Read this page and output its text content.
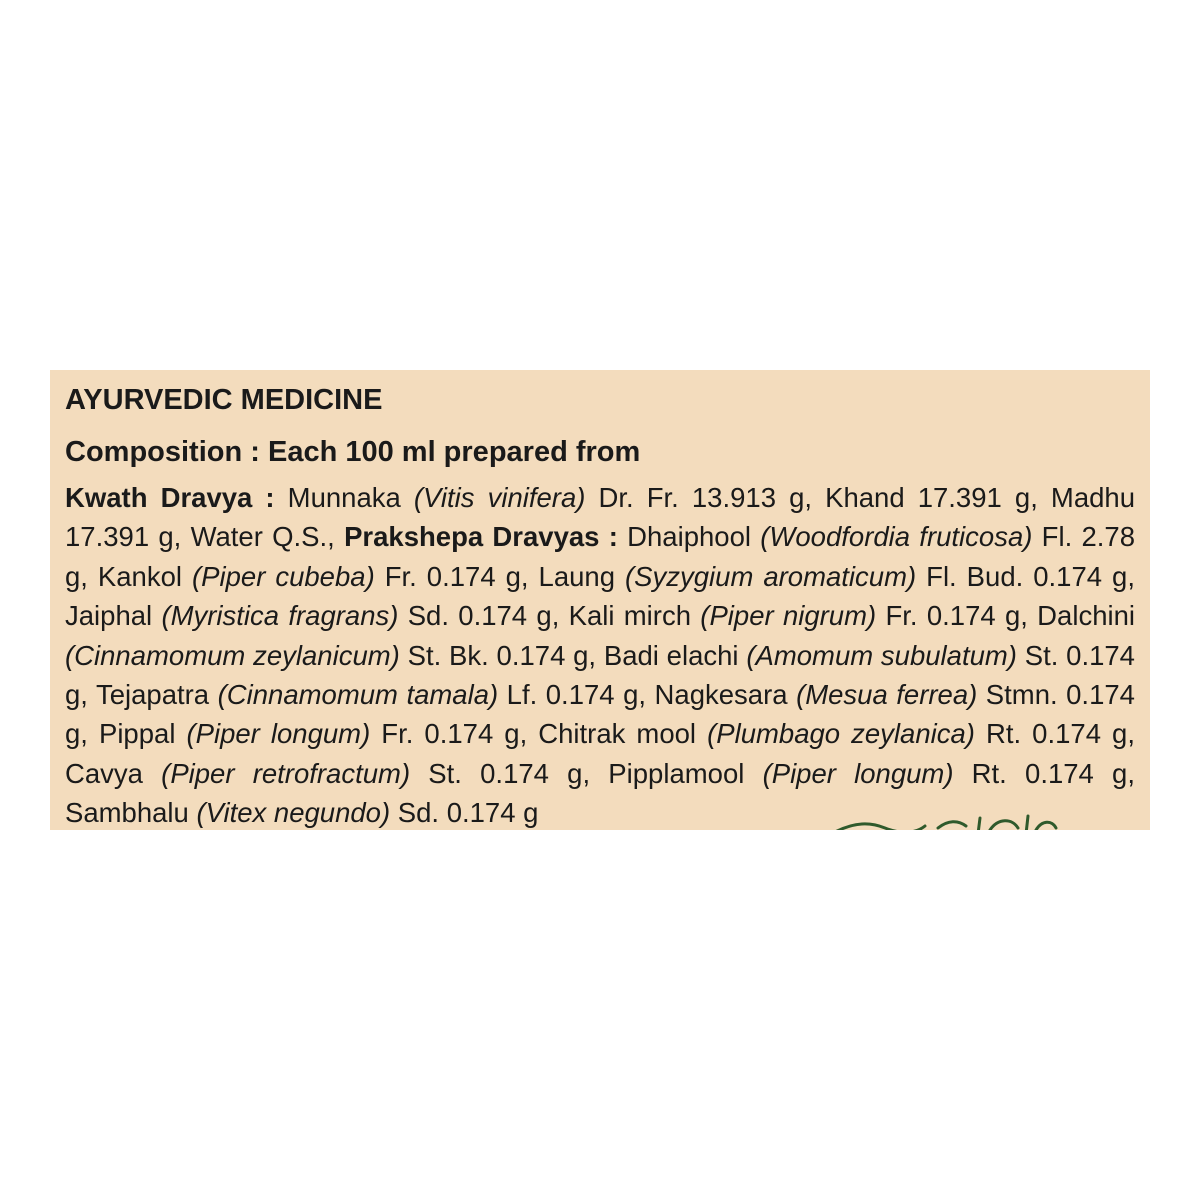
AYURVEDIC MEDICINE
Composition : Each 100 ml prepared from
Kwath Dravya : Munnaka (Vitis vinifera) Dr. Fr. 13.913 g, Khand 17.391 g, Madhu 17.391 g, Water Q.S., Prakshepa Dravyas : Dhaiphool (Woodfordia fruticosa) Fl. 2.78 g, Kankol (Piper cubeba) Fr. 0.174 g, Laung (Syzygium aromaticum) Fl. Bud. 0.174 g, Jaiphal (Myristica fragrans) Sd. 0.174 g, Kali mirch (Piper nigrum) Fr. 0.174 g, Dalchini (Cinnamomum zeylanicum) St. Bk. 0.174 g, Badi elachi (Amomum subulatum) St. 0.174 g, Tejapatra (Cinnamomum tamala) Lf. 0.174 g, Nagkesara (Mesua ferrea) Stmn. 0.174 g, Pippal (Piper longum) Fr. 0.174 g, Chitrak mool (Plumbago zeylanica) Rt. 0.174 g, Cavya (Piper retrofractum) St. 0.174 g, Pipplamool (Piper longum) Rt. 0.174 g, Sambhalu (Vitex negundo) Sd. 0.174 g
